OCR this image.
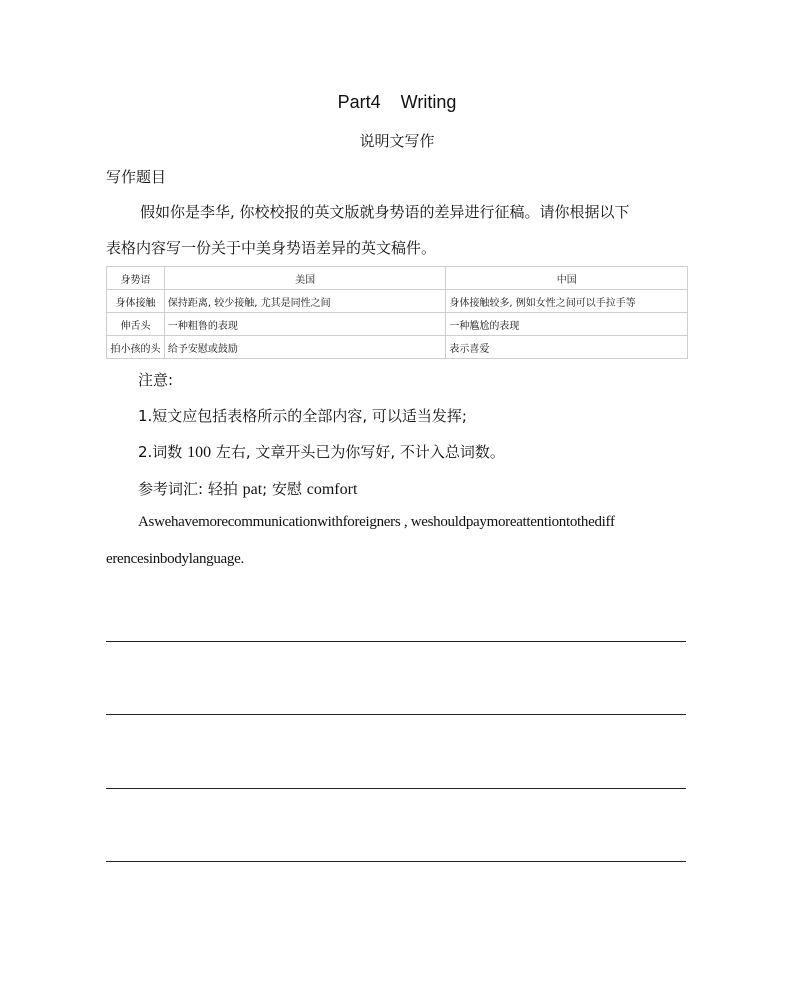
Part4    Writing
说明文写作
写作题目
假如你是李华, 你校校报的英文版就身势语的差异进行征稿。请你根据以下
表格内容写一份关于中美身势语差异的英文稿件。
身势语	美国	中国
身体接触	保持距离, 较少接触, 尤其是同性之间	身体接触较多, 例如女性之间可以手拉手等
伸舌头	一种粗鲁的表现	一种尴尬的表现
拍小孩的头	给予安慰或鼓励	表示喜爱
注意:
1.短文应包括表格所示的全部内容, 可以适当发挥;
2.词数 100 左右, 文章开头已为你写好, 不计入总词数。
参考词汇: 轻拍 pat; 安慰 comfort
Aswehavemorecommunicationwithforeigners , weshouldpaymoreattentiontothediff
erencesinbodylanguage.
